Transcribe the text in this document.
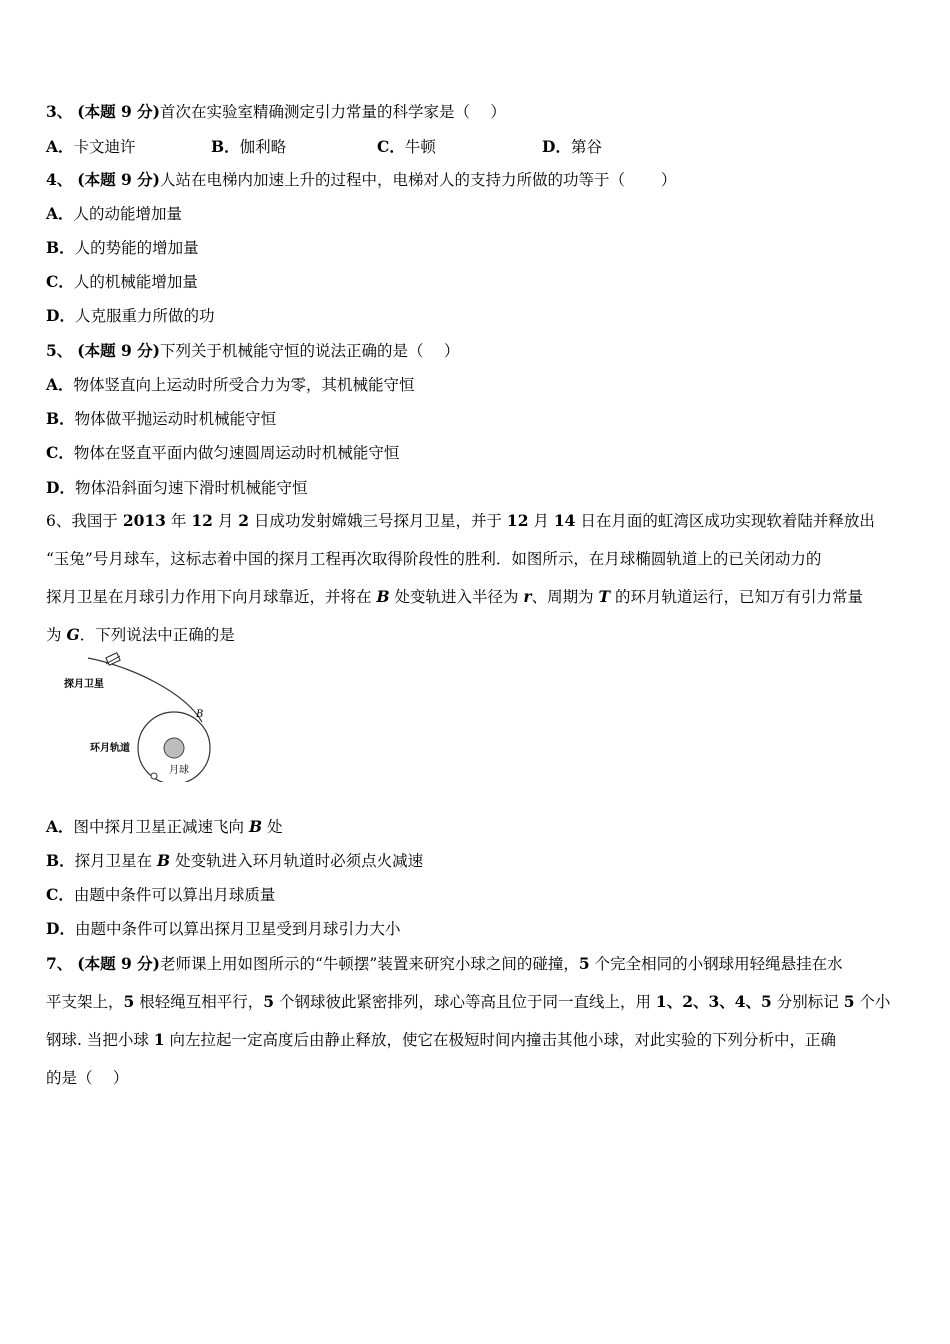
3、 (本题 9 分)首次在实验室精确测定引力常量的科学家是（　 ）
A．卡文迪许	B．伽利略	C．牛顿	D．第谷
4、 (本题 9 分)人站在电梯内加速上升的过程中，电梯对人的支持力所做的功等于（　　 ）
A．人的动能增加量
B．人的势能的增加量
C．人的机械能增加量
D．人克服重力所做的功
5、 (本题 9 分)下列关于机械能守恒的说法正确的是（　 ）
A．物体竖直向上运动时所受合力为零，其机械能守恒
B．物体做平抛运动时机械能守恒
C．物体在竖直平面内做匀速圆周运动时机械能守恒
D．物体沿斜面匀速下滑时机械能守恒
6、我国于 2013 年 12 月 2 日成功发射嫦娥三号探月卫星，并于 12 月 14 日在月面的虹湾区成功实现软着陆并释放出
“玉兔”号月球车，这标志着中国的探月工程再次取得阶段性的胜利．如图所示，在月球椭圆轨道上的已关闭动力的
探月卫星在月球引力作用下向月球靠近，并将在 B 处变轨进入半径为 r、周期为 T 的环月轨道运行，已知万有引力常量
为 G．下列说法中正确的是
探月卫星
B
环月轨道
月球
A．图中探月卫星正减速飞向 B 处
B．探月卫星在 B 处变轨进入环月轨道时必须点火减速
C．由题中条件可以算出月球质量
D．由题中条件可以算出探月卫星受到月球引力大小
7、 (本题 9 分)老师课上用如图所示的“牛顿摆”装置来研究小球之间的碰撞，5 个完全相同的小钢球用轻绳悬挂在水
平支架上，5 根轻绳互相平行，5 个钢球彼此紧密排列，球心等高且位于同一直线上，用 1、2、3、4、5 分别标记 5 个小
钢球. 当把小球 1 向左拉起一定高度后由静止释放，使它在极短时间内撞击其他小球，对此实验的下列分析中，正确
的是（　 ）
